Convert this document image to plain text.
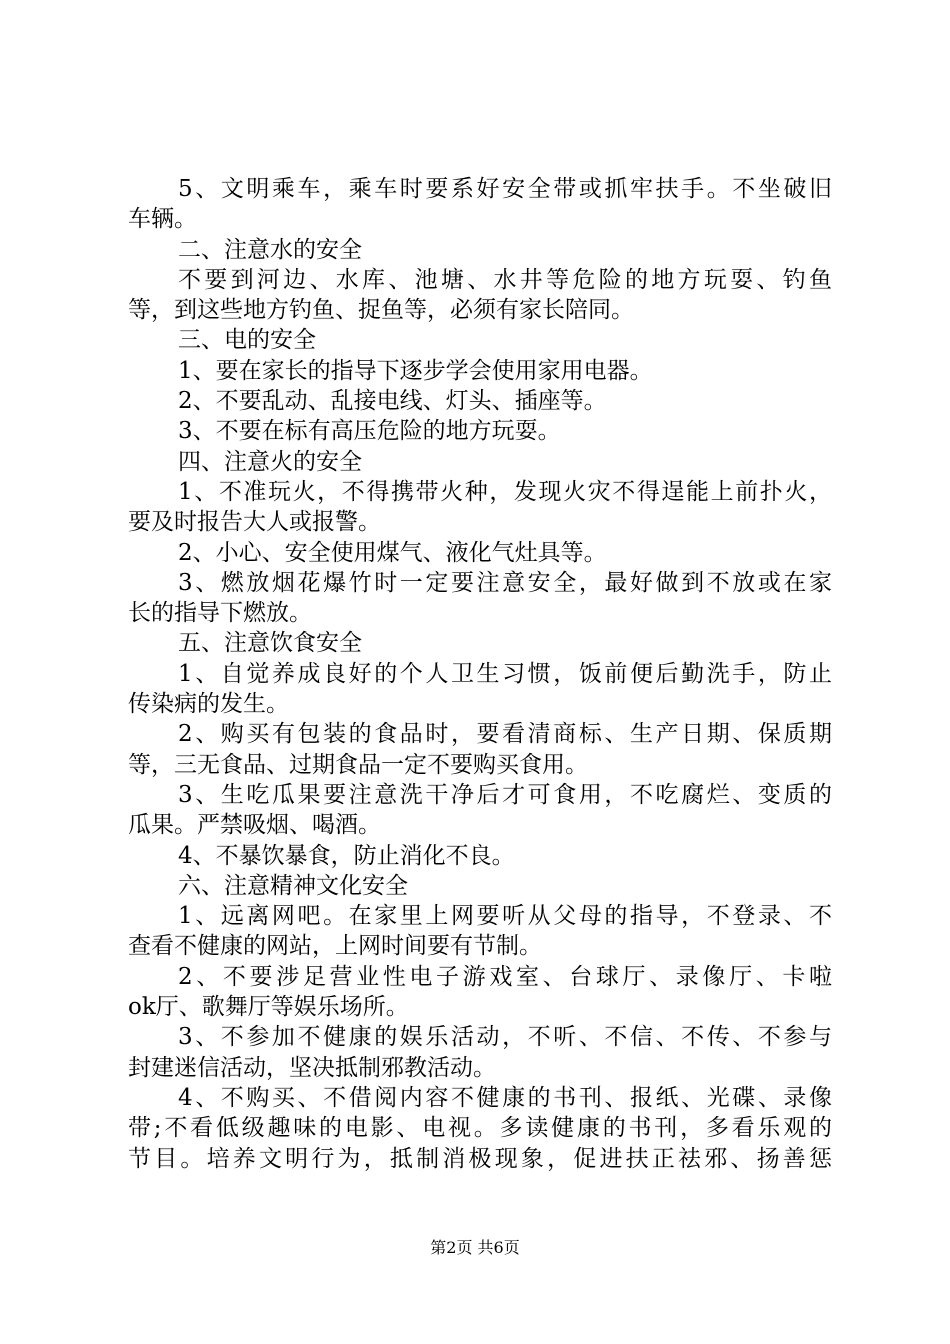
5、文明乘车，乘车时要系好安全带或抓牢扶手。不坐破旧
车辆。
二、注意水的安全
不要到河边、水库、池塘、水井等危险的地方玩耍、钓鱼
等，到这些地方钓鱼、捉鱼等，必须有家长陪同。
三、电的安全
1、要在家长的指导下逐步学会使用家用电器。
2、不要乱动、乱接电线、灯头、插座等。
3、不要在标有高压危险的地方玩耍。
四、注意火的安全
1、不准玩火，不得携带火种，发现火灾不得逞能上前扑火，
要及时报告大人或报警。
2、小心、安全使用煤气、液化气灶具等。
3、燃放烟花爆竹时一定要注意安全，最好做到不放或在家
长的指导下燃放。
五、注意饮食安全
1、自觉养成良好的个人卫生习惯，饭前便后勤洗手，防止
传染病的发生。
2、购买有包装的食品时，要看清商标、生产日期、保质期
等，三无食品、过期食品一定不要购买食用。
3、生吃瓜果要注意洗干净后才可食用，不吃腐烂、变质的
瓜果。严禁吸烟、喝酒。
4、不暴饮暴食，防止消化不良。
六、注意精神文化安全
1、远离网吧。在家里上网要听从父母的指导，不登录、不
查看不健康的网站，上网时间要有节制。
2、不要涉足营业性电子游戏室、台球厅、录像厅、卡啦
ok厅、歌舞厅等娱乐场所。
3、不参加不健康的娱乐活动，不听、不信、不传、不参与
封建迷信活动，坚决抵制邪教活动。
4、不购买、不借阅内容不健康的书刊、报纸、光碟、录像
带;不看低级趣味的电影、电视。多读健康的书刊，多看乐观的
节目。培养文明行为，抵制消极现象，促进扶正祛邪、扬善惩
第2页 共6页
